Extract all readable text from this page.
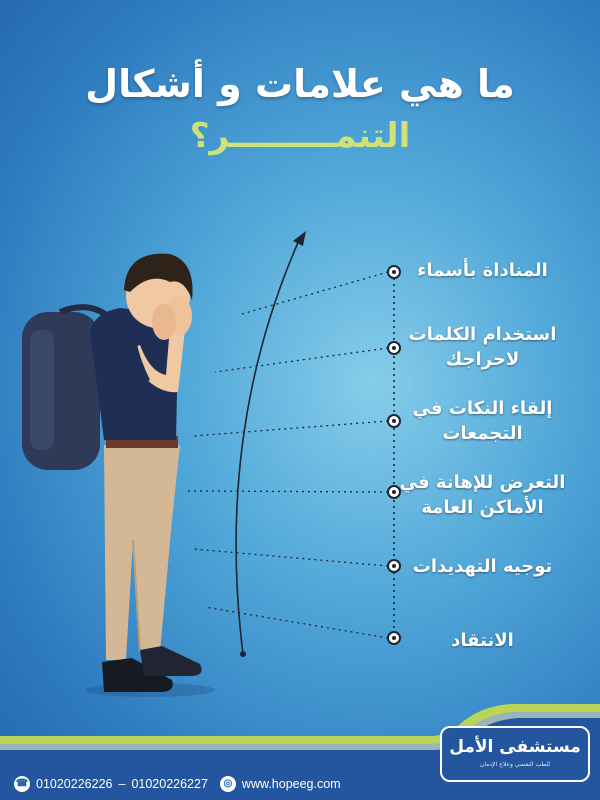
ما هي علامات و أشكال
التنمـــــــــر؟
المناداة بأسماء
استخدام الكلمات لاحراجك
إلقاء النكات في التجمعات
التعرض للإهانة في الأماكن العامة
توجيه التهديدات
الانتقاد
☎ 01020226226 – 01020226227	◎ www.hopeeg.com
مستشفى الأمل
للطب النفسي وعلاج الإدمان
